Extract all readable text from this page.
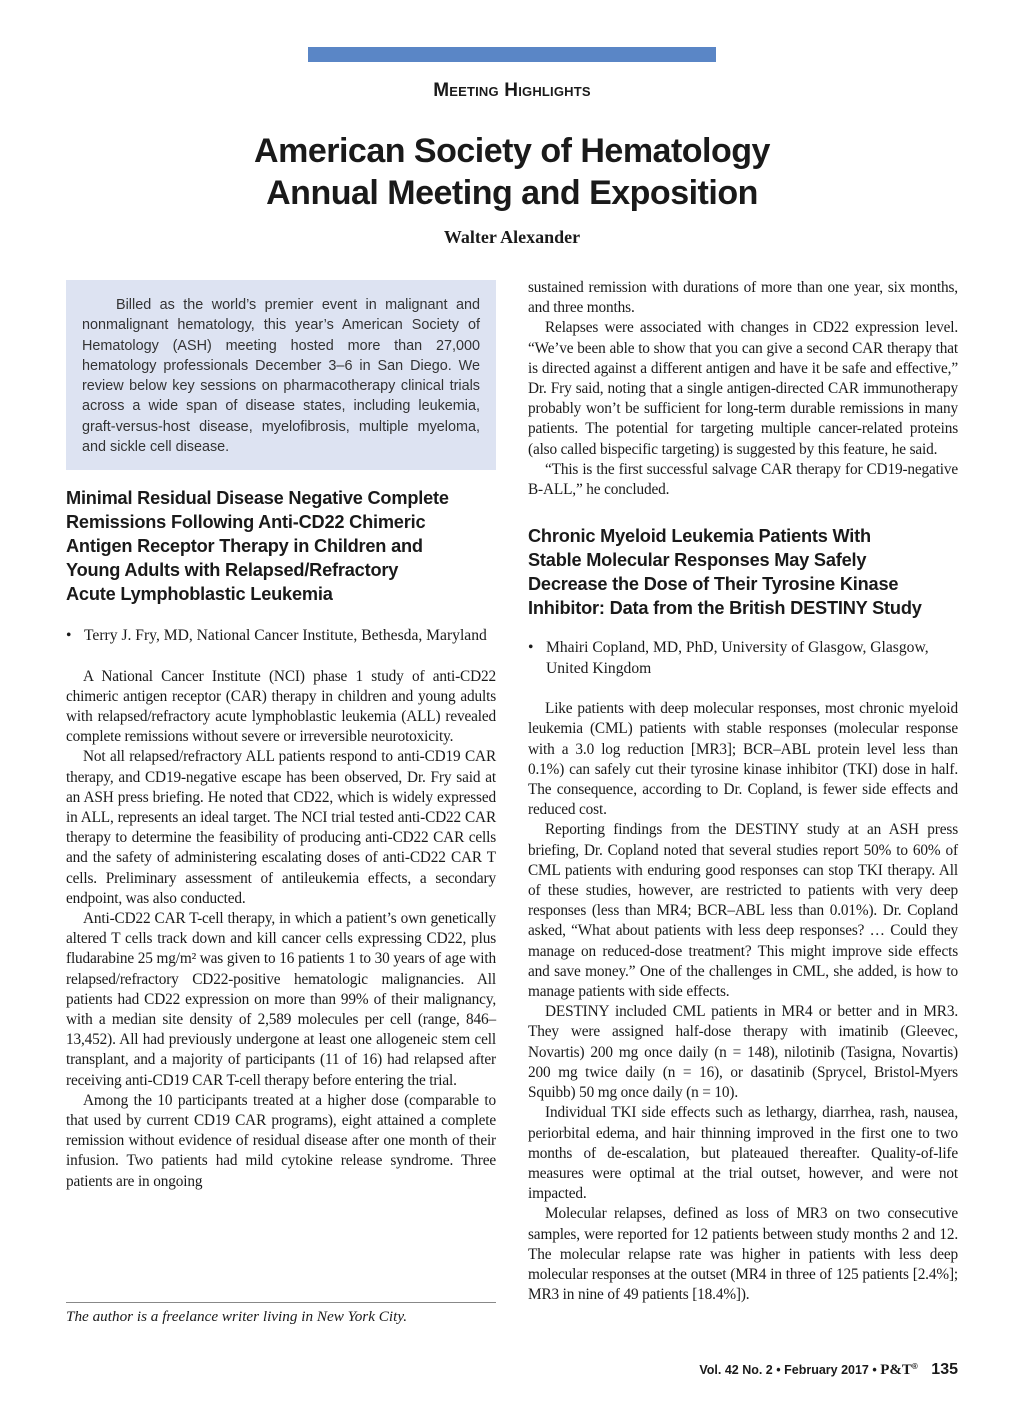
Meeting Highlights
American Society of Hematology
Annual Meeting and Exposition
Walter Alexander
Billed as the world’s premier event in malignant and nonmalignant hematology, this year’s American Society of Hematology (ASH) meeting hosted more than 27,000 hematology professionals December 3–6 in San Diego. We review below key sessions on pharmacotherapy clinical trials across a wide span of disease states, including leukemia, graft-versus-host disease, myelofibrosis, multiple myeloma, and sickle cell disease.
Minimal Residual Disease Negative Complete
Remissions Following Anti-CD22 Chimeric
Antigen Receptor Therapy in Children and
Young Adults with Relapsed/Refractory
Acute Lymphoblastic Leukemia
• Terry J. Fry, MD, National Cancer Institute, Bethesda, Maryland

A National Cancer Institute (NCI) phase 1 study of anti-CD22 chimeric antigen receptor (CAR) therapy in children and young adults with relapsed/refractory acute lymphoblastic leukemia (ALL) revealed complete remissions without severe or irreversible neurotoxicity.

Not all relapsed/refractory ALL patients respond to anti-CD19 CAR therapy, and CD19-negative escape has been observed, Dr. Fry said at an ASH press briefing. He noted that CD22, which is widely expressed in ALL, represents an ideal target. The NCI trial tested anti-CD22 CAR therapy to determine the feasibility of producing anti-CD22 CAR cells and the safety of administering escalating doses of anti-CD22 CAR T cells. Preliminary assessment of antileukemia effects, a secondary endpoint, was also conducted.

Anti-CD22 CAR T-cell therapy, in which a patient’s own genetically altered T cells track down and kill cancer cells expressing CD22, plus fludarabine 25 mg/m² was given to 16 patients 1 to 30 years of age with relapsed/refractory CD22-positive hematologic malignancies. All patients had CD22 expression on more than 99% of their malignancy, with a median site density of 2,589 molecules per cell (range, 846–13,452). All had previously undergone at least one allogeneic stem cell transplant, and a majority of participants (11 of 16) had relapsed after receiving anti-CD19 CAR T-cell therapy before entering the trial.

Among the 10 participants treated at a higher dose (comparable to that used by current CD19 CAR programs), eight attained a complete remission without evidence of residual disease after one month of their infusion. Two patients had mild cytokine release syndrome. Three patients are in ongoing

The author is a freelance writer living in New York City.

sustained remission with durations of more than one year, six months, and three months.

Relapses were associated with changes in CD22 expression level. “We’ve been able to show that you can give a second CAR therapy that is directed against a different antigen and have it be safe and effective,” Dr. Fry said, noting that a single antigen-directed CAR immunotherapy probably won’t be sufficient for long-term durable remissions in many patients. The potential for targeting multiple cancer-related proteins (also called bispecific targeting) is suggested by this feature, he said.

“This is the first successful salvage CAR therapy for CD19-negative B-ALL,” he concluded.

Chronic Myeloid Leukemia Patients With
Stable Molecular Responses May Safely
Decrease the Dose of Their Tyrosine Kinase
Inhibitor: Data from the British DESTINY Study
• Mhairi Copland, MD, PhD, University of Glasgow, Glasgow, United Kingdom

Like patients with deep molecular responses, most chronic myeloid leukemia (CML) patients with stable responses (molecular response with a 3.0 log reduction [MR3]; BCR–ABL protein level less than 0.1%) can safely cut their tyrosine kinase inhibitor (TKI) dose in half. The consequence, according to Dr. Copland, is fewer side effects and reduced cost.

Reporting findings from the DESTINY study at an ASH press briefing, Dr. Copland noted that several studies report 50% to 60% of CML patients with enduring good responses can stop TKI therapy. All of these studies, however, are restricted to patients with very deep responses (less than MR4; BCR–ABL less than 0.01%). Dr. Copland asked, “What about patients with less deep responses? … Could they manage on reduced-dose treatment? This might improve side effects and save money.” One of the challenges in CML, she added, is how to manage patients with side effects.

DESTINY included CML patients in MR4 or better and in MR3. They were assigned half-dose therapy with imatinib (Gleevec, Novartis) 200 mg once daily (n = 148), nilotinib (Tasigna, Novartis) 200 mg twice daily (n = 16), or dasatinib (Sprycel, Bristol-Myers Squibb) 50 mg once daily (n = 10).

Individual TKI side effects such as lethargy, diarrhea, rash, nausea, periorbital edema, and hair thinning improved in the first one to two months of de-escalation, but plateaued thereafter. Quality-of-life measures were optimal at the trial outset, however, and were not impacted.

Molecular relapses, defined as loss of MR3 on two consecutive samples, were reported for 12 patients between study months 2 and 12. The molecular relapse rate was higher in patients with less deep molecular responses at the outset (MR4 in three of 125 patients [2.4%]; MR3 in nine of 49 patients [18.4%]).

Vol. 42 No. 2 • February 2017 • P&T® 135
